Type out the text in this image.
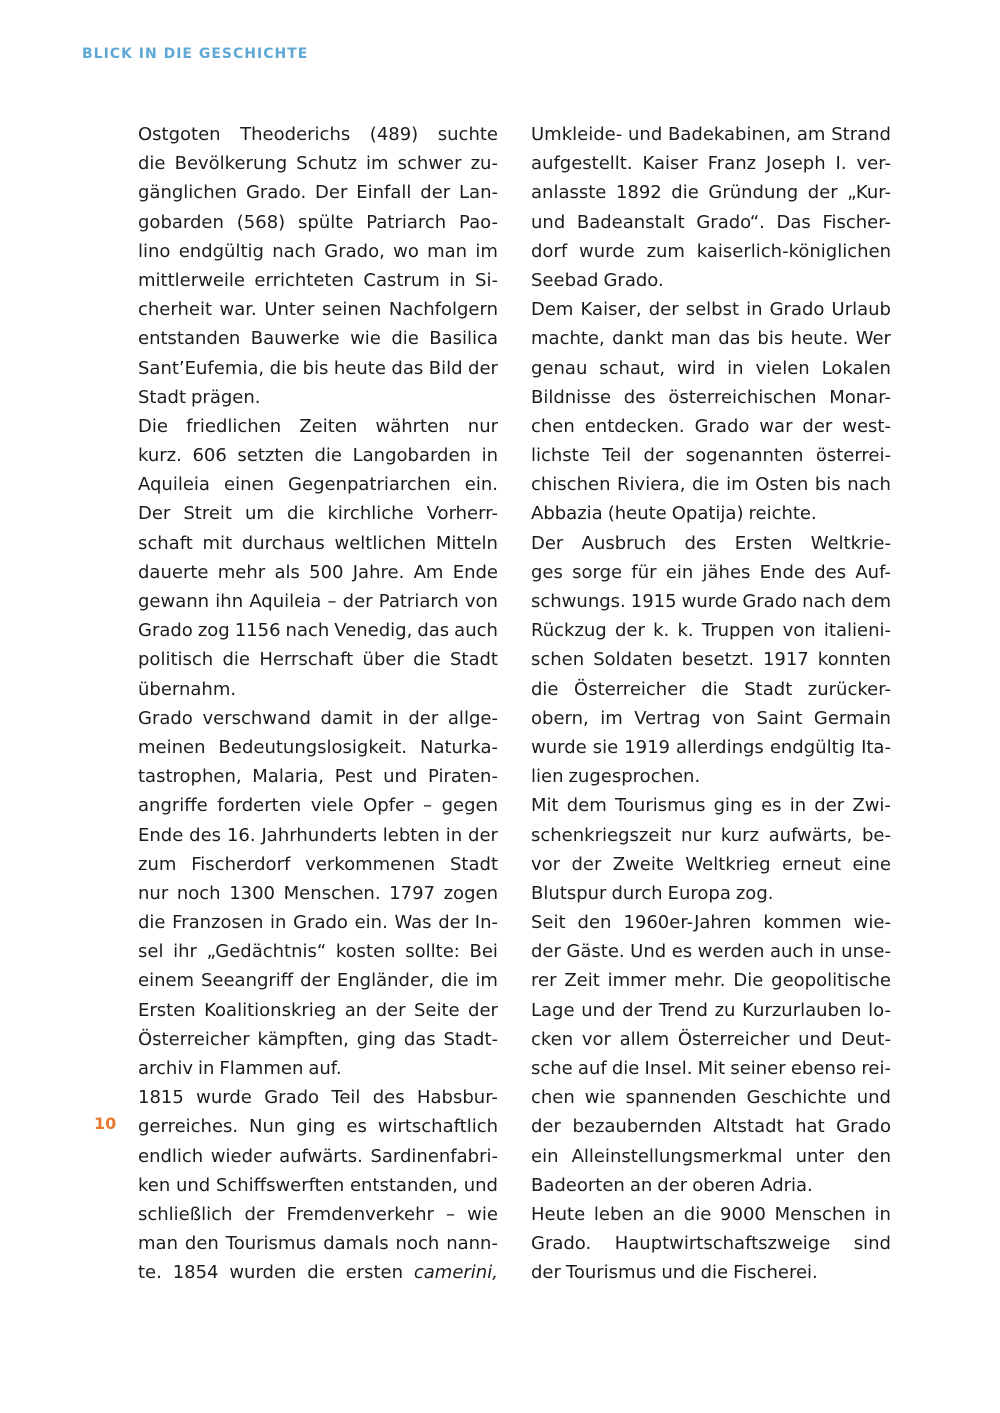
BLICK IN DIE GESCHICHTE
10
Ostgoten Theoderichs (489) suchte
die Bevölkerung Schutz im schwer zu-
gänglichen Grado. Der Einfall der Lan-
gobarden (568) spülte Patriarch Pao-
lino endgültig nach Grado, wo man im
mittlerweile errichteten Castrum in Si-
cherheit war. Unter seinen Nachfolgern
entstanden Bauwerke wie die Basilica
Sant’Eufemia, die bis heute das Bild der
Stadt prägen.
Die friedlichen Zeiten währten nur
kurz. 606 setzten die Langobarden in
Aquileia einen Gegenpatriarchen ein.
Der Streit um die kirchliche Vorherr-
schaft mit durchaus weltlichen Mitteln
dauerte mehr als 500 Jahre. Am Ende
gewann ihn Aquileia – der Patriarch von
Grado zog 1156 nach Venedig, das auch
politisch die Herrschaft über die Stadt
übernahm.
Grado verschwand damit in der allge-
meinen Bedeutungslosigkeit. Naturka-
tastrophen, Malaria, Pest und Piraten-
angriffe forderten viele Opfer – gegen
Ende des 16. Jahrhunderts lebten in der
zum Fischerdorf verkommenen Stadt
nur noch 1300 Menschen. 1797 zogen
die Franzosen in Grado ein. Was der In-
sel ihr „Gedächtnis“ kosten sollte: Bei
einem Seeangriff der Engländer, die im
Ersten Koalitionskrieg an der Seite der
Österreicher kämpften, ging das Stadt-
archiv in Flammen auf.
1815 wurde Grado Teil des Habsbur-
gerreiches. Nun ging es wirtschaftlich
endlich wieder aufwärts. Sardinenfabri-
ken und Schiffswerften entstanden, und
schließlich der Fremdenverkehr – wie
man den Tourismus damals noch nann-
te. 1854 wurden die ersten camerini,
Umkleide- und Badekabinen, am Strand
aufgestellt. Kaiser Franz Joseph I. ver-
anlasste 1892 die Gründung der „Kur-
und Badeanstalt Grado“. Das Fischer-
dorf wurde zum kaiserlich-königlichen
Seebad Grado.
Dem Kaiser, der selbst in Grado Urlaub
machte, dankt man das bis heute. Wer
genau schaut, wird in vielen Lokalen
Bildnisse des österreichischen Monar-
chen entdecken. Grado war der west-
lichste Teil der sogenannten österrei-
chischen Riviera, die im Osten bis nach
Abbazia (heute Opatija) reichte.
Der Ausbruch des Ersten Weltkrie-
ges sorge für ein jähes Ende des Auf-
schwungs. 1915 wurde Grado nach dem
Rückzug der k. k. Truppen von italieni-
schen Soldaten besetzt. 1917 konnten
die Österreicher die Stadt zurücker-
obern, im Vertrag von Saint Germain
wurde sie 1919 allerdings endgültig Ita-
lien zugesprochen.
Mit dem Tourismus ging es in der Zwi-
schenkriegszeit nur kurz aufwärts, be-
vor der Zweite Weltkrieg erneut eine
Blutspur durch Europa zog.
Seit den 1960er-Jahren kommen wie-
der Gäste. Und es werden auch in unse-
rer Zeit immer mehr. Die geopolitische
Lage und der Trend zu Kurzurlauben lo-
cken vor allem Österreicher und Deut-
sche auf die Insel. Mit seiner ebenso rei-
chen wie spannenden Geschichte und
der bezaubernden Altstadt hat Grado
ein Alleinstellungsmerkmal unter den
Badeorten an der oberen Adria.
Heute leben an die 9000 Menschen in
Grado. Hauptwirtschaftszweige sind
der Tourismus und die Fischerei.
